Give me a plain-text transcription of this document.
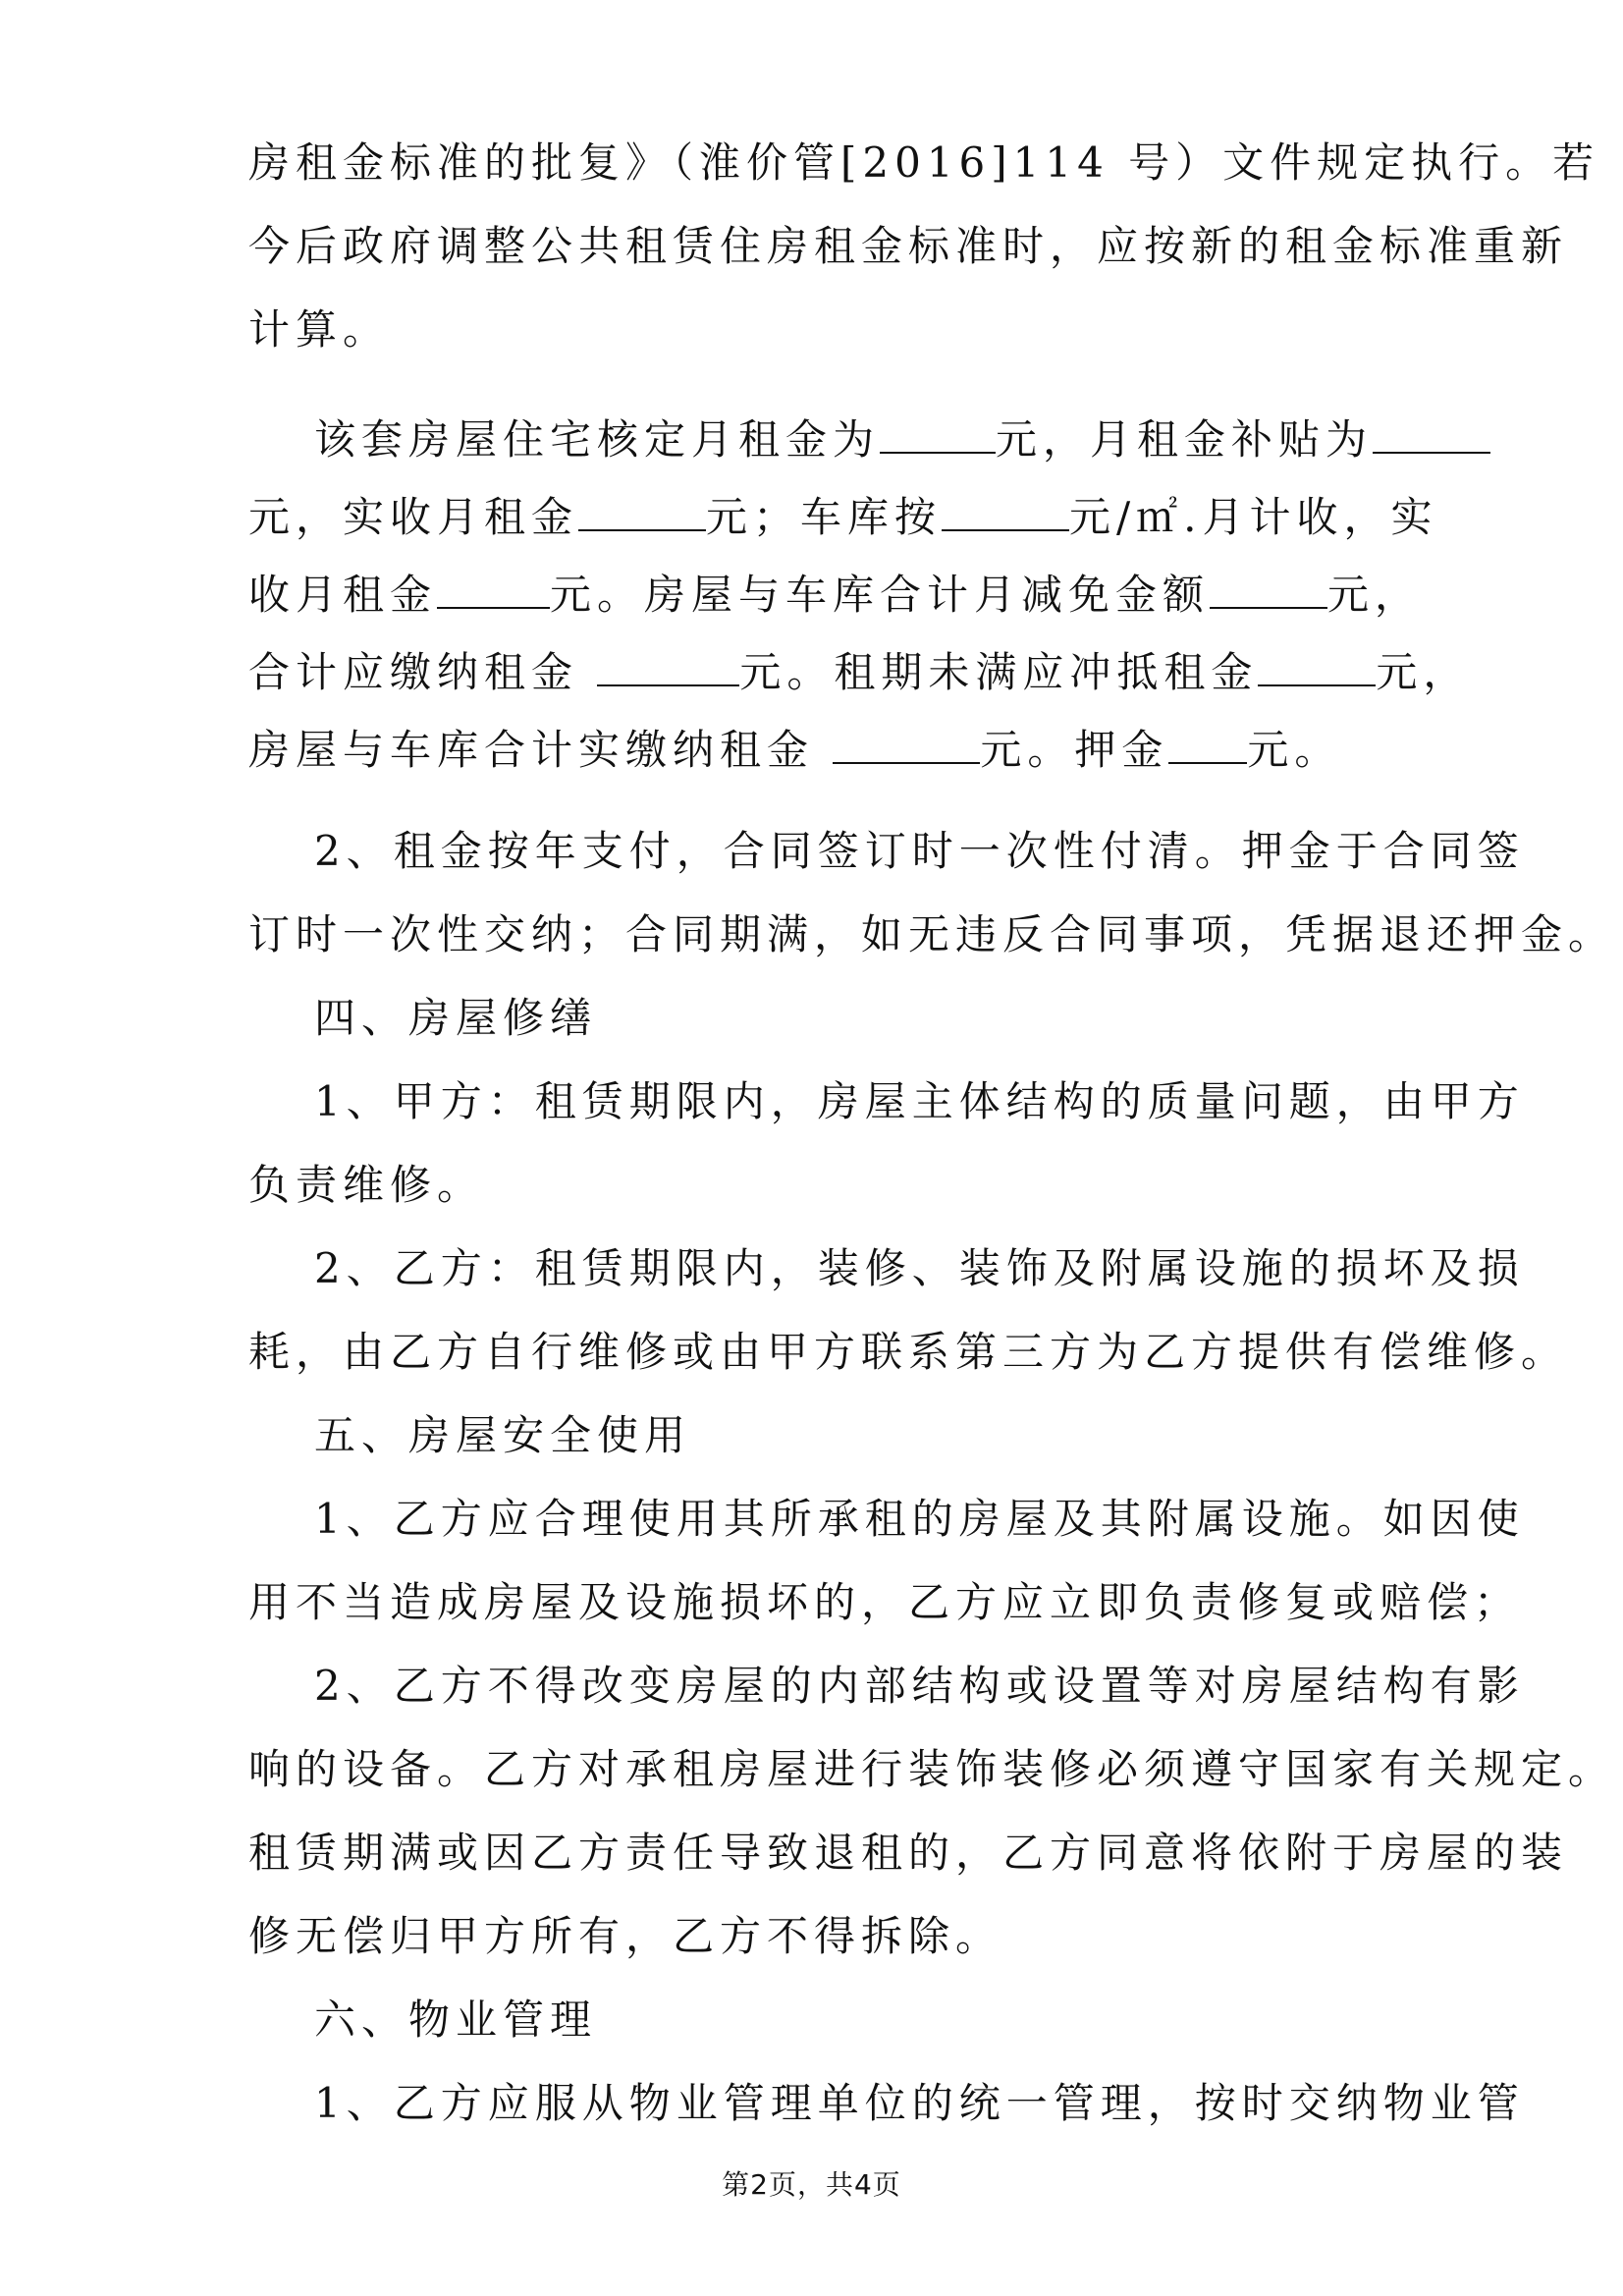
房租金标准的批复》（淮价管[2016]114 号）文件规定执行。若
今后政府调整公共租赁住房租金标准时，应按新的租金标准重新
计算。
该套房屋住宅核定月租金为	元，月租金补贴为
元，实收月租金	元；车库按	元/㎡.月计收，实
收月租金	元。房屋与车库合计月减免金额	元，
合计应缴纳租金	元。租期未满应冲抵租金	元，
房屋与车库合计实缴纳租金	元。押金 元。
2、租金按年支付，合同签订时一次性付清。押金于合同签
订时一次性交纳；合同期满，如无违反合同事项，凭据退还押金。
四、房屋修缮
1、甲方：租赁期限内，房屋主体结构的质量问题，由甲方
负责维修。
2、乙方：租赁期限内，装修、装饰及附属设施的损坏及损
耗，由乙方自行维修或由甲方联系第三方为乙方提供有偿维修。
五、房屋安全使用
1、乙方应合理使用其所承租的房屋及其附属设施。如因使
用不当造成房屋及设施损坏的，乙方应立即负责修复或赔偿；
2、乙方不得改变房屋的内部结构或设置等对房屋结构有影
响的设备。乙方对承租房屋进行装饰装修必须遵守国家有关规定。
租赁期满或因乙方责任导致退租的，乙方同意将依附于房屋的装
修无偿归甲方所有，乙方不得拆除。
六、物业管理
1、乙方应服从物业管理单位的统一管理，按时交纳物业管
第2页，共4页
